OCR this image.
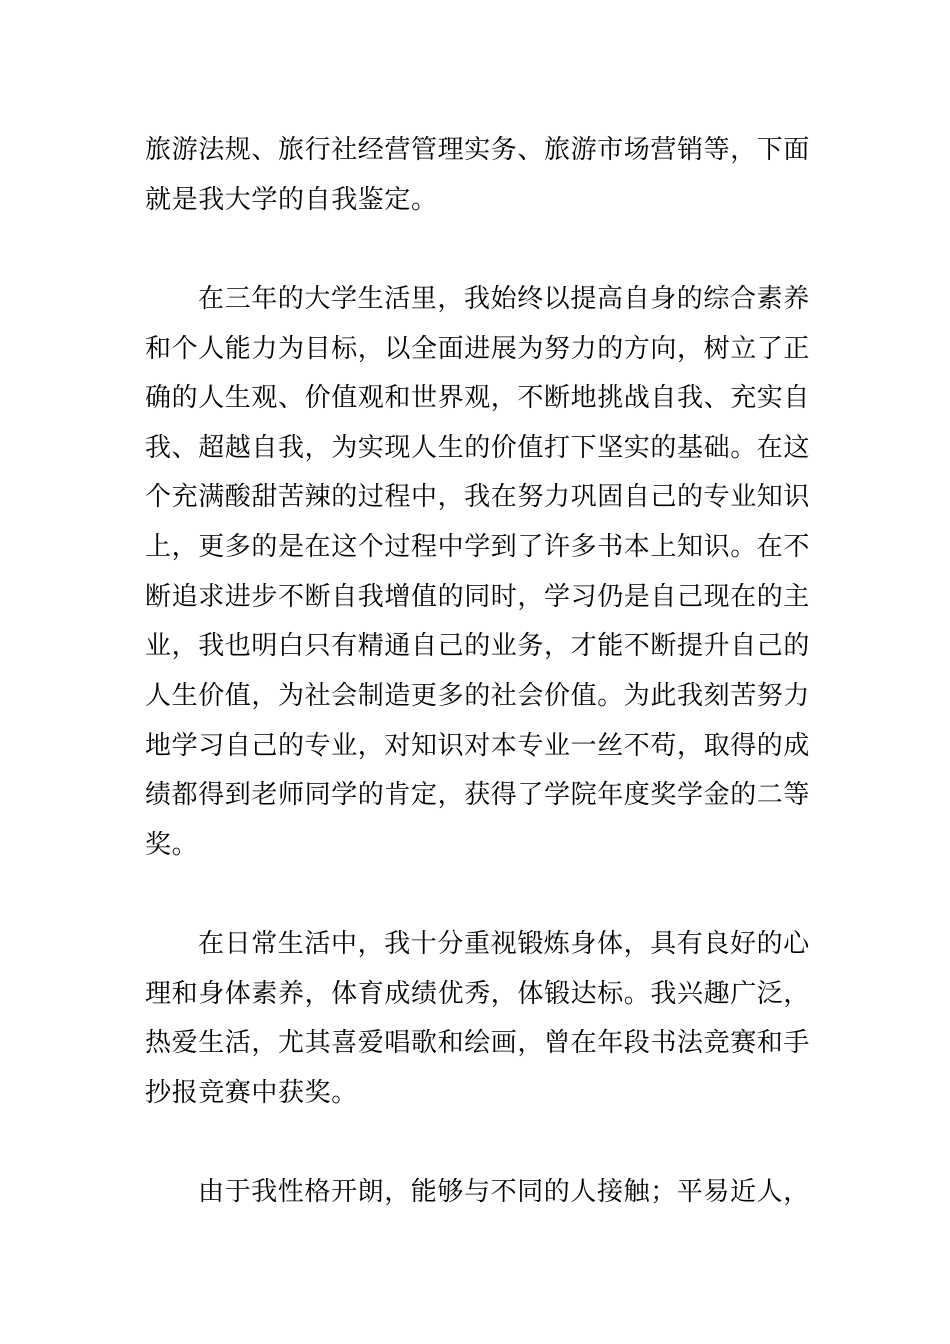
旅游法规、旅行社经营管理实务、旅游市场营销等，下面

就是我大学的自我鉴定。

在三年的大学生活里，我始终以提高自身的综合素养

和个人能力为目标，以全面进展为努力的方向，树立了正

确的人生观、价值观和世界观，不断地挑战自我、充实自

我、超越自我，为实现人生的价值打下坚实的基础。在这

个充满酸甜苦辣的过程中，我在努力巩固自己的专业知识

上，更多的是在这个过程中学到了许多书本上知识。在不

断追求进步不断自我增值的同时，学习仍是自己现在的主

业，我也明白只有精通自己的业务，才能不断提升自己的

人生价值，为社会制造更多的社会价值。为此我刻苦努力

地学习自己的专业，对知识对本专业一丝不苟，取得的成

绩都得到老师同学的肯定，获得了学院年度奖学金的二等

奖。

在日常生活中，我十分重视锻炼身体，具有良好的心

理和身体素养，体育成绩优秀，体锻达标。我兴趣广泛，

热爱生活，尤其喜爱唱歌和绘画，曾在年段书法竞赛和手

抄报竞赛中获奖。

由于我性格开朗，能够与不同的人接触；平易近人，
